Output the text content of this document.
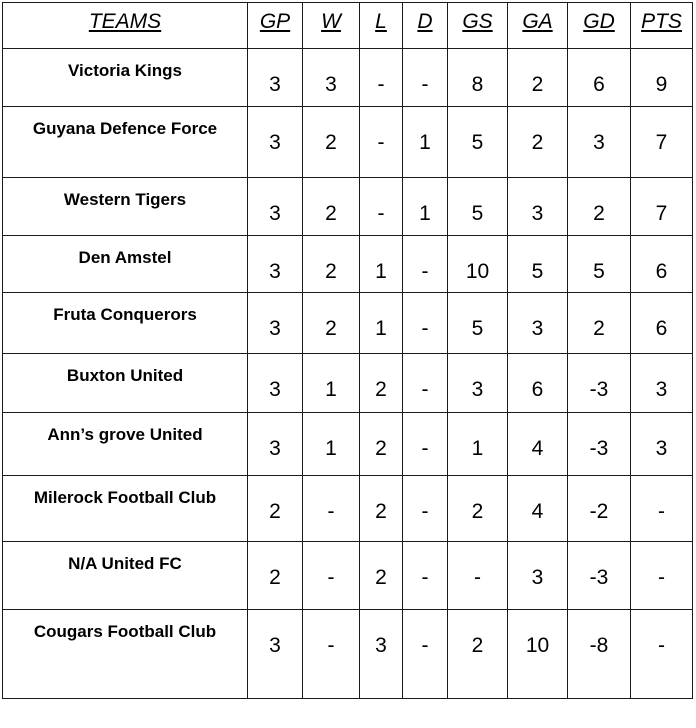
TEAMS	GP	W	L	D	GS	GA	GD	PTS
Victoria Kings	3	3	-	-	8	2	6	9
Guyana Defence Force	3	2	-	1	5	2	3	7
Western Tigers	3	2	-	1	5	3	2	7
Den Amstel	3	2	1	-	10	5	5	6
Fruta Conquerors	3	2	1	-	5	3	2	6
Buxton United	3	1	2	-	3	6	-3	3
Ann’s grove United	3	1	2	-	1	4	-3	3
Milerock Football Club	2	-	2	-	2	4	-2	-
N/A United FC	2	-	2	-	-	3	-3	-
Cougars Football Club	3	-	3	-	2	10	-8	-
